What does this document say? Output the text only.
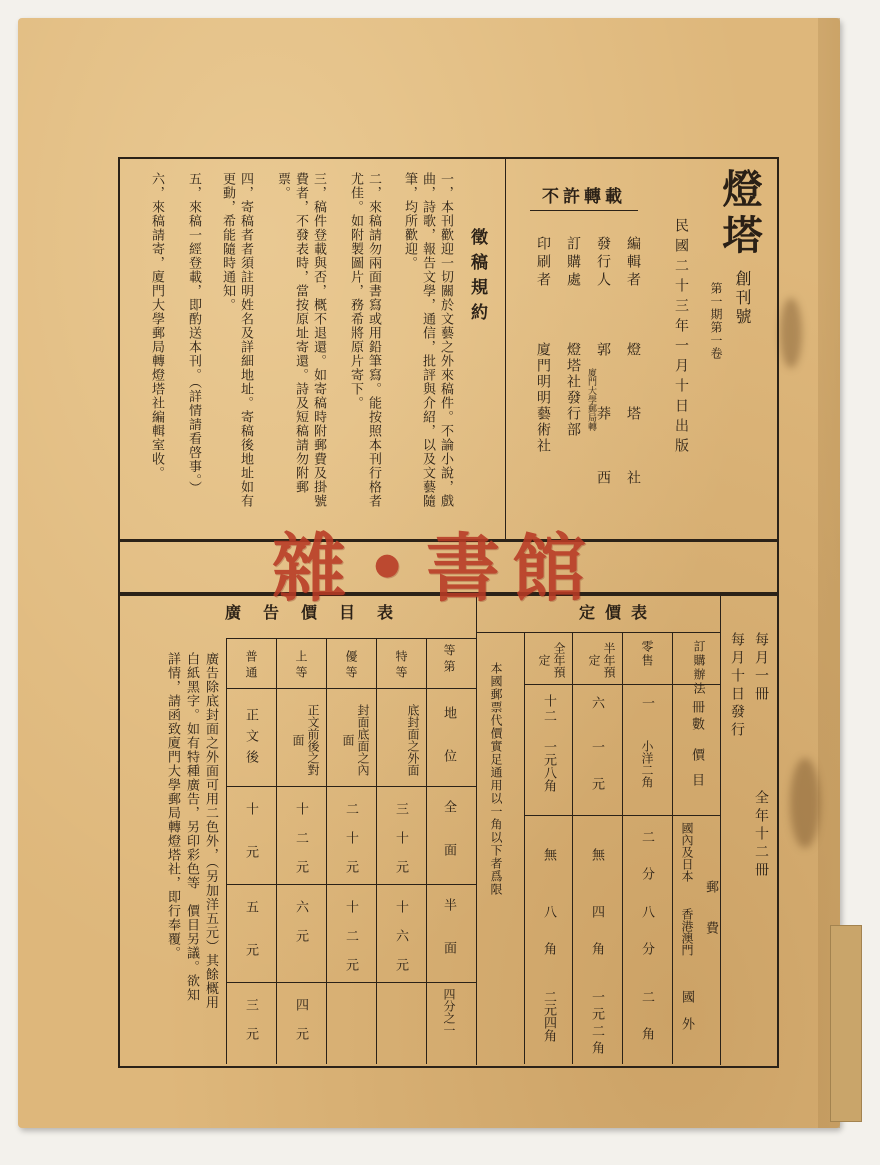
燈塔
創刊號
第一期第一卷
民國二十三年一月十日出版
編輯者
燈　塔　社
發行人
郭　莽　西
訂購處
燈塔社發行部 廈門大學郵局轉
印刷者
廈門明明藝術社
不許轉載
徵稿規約
一，本刊歡迎一切關於文藝之外來稿件。不論小說，戲曲，詩歌，報告文學，通信，批評與介紹，以及文藝隨筆，均所歡迎。
二，來稿請勿兩面書寫或用鉛筆寫。能按照本刊行格者尤佳。如附製圖片，務希將原片寄下。
三，稿件登載與否，概不退還。如寄稿時附郵費及掛號費者，不發表時，當按原址寄還。詩及短稿請勿附郵票。
四，寄稿者者須註明姓名及詳細地址。寄稿後地址如有更動，希能隨時通知。
五，來稿一經登載，即酌送本刊。（詳情請看啓事。）
六，來稿請寄，廈門大學郵局轉燈塔社編輯室收。
每月一冊
每月十日發行
全年十二冊
定價表
訂購辦法
冊數
價目
郵費
國內及日本
香港澳門
國外
零售
一
小洋二角
二分
八分
二角
半年預定
六
一元
無
四角
一元二角
全年預定
十二
一元八角
無
八角
二元四角
本國郵票代價實足通用以一角以下者爲限
廣告價目表
等第
地位
全面
半面
四分之一
特等
底封面之外面
三十元
十六元
優等
封面底面之內面
二十元
十二元
上等
正文前後之對面
十二元
六元
四元
普通
正文後
十元
五元
三元
廣告除底封面之外面可用二色外，（另加洋五元）其餘概用白紙黑字。如有特種廣告，另印彩色等　價目另議。欲知詳情，請函致廈門大學郵局轉燈塔社，即行奉覆。
雜 ● 書 館
